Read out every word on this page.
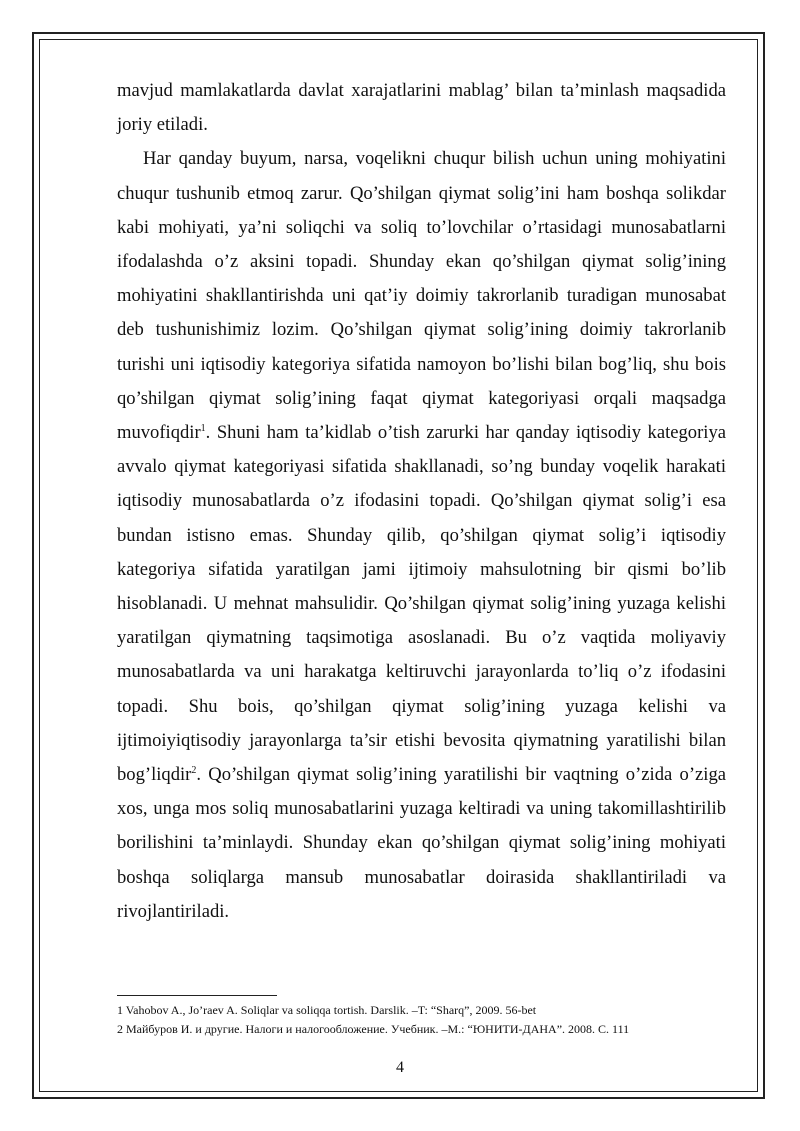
mavjud mamlakatlarda davlat xarajatlarini mablag’ bilan ta’minlash maqsadida joriy etiladi.

Har qanday buyum, narsa, voqelikni chuqur bilish uchun uning mohiyatini chuqur tushunib etmoq zarur. Qo’shilgan qiymat solig’ini ham boshqa solikdar kabi mohiyati, ya’ni soliqchi va soliq to’lovchilar o’rtasidagi munosabatlarni ifodalashda o’z aksini topadi. Shunday ekan qo’shilgan qiymat solig’ining mohiyatini shakllantirishda uni qat’iy doimiy takrorlanib turadigan munosabat deb tushunishimiz lozim. Qo’shilgan qiymat solig’ining doimiy takrorlanib turishi uni iqtisodiy kategoriya sifatida namoyon bo’lishi bilan bog’liq, shu bois qo’shilgan qiymat solig’ining faqat qiymat kategoriyasi orqali maqsadga muvofiqdir$^1$. Shuni ham ta’kidlab o’tish zarurki har qanday iqtisodiy kategoriya avvalo qiymat kategoriyasi sifatida shakllanadi, so’ng bunday voqelik harakati iqtisodiy munosabatlarda o’z ifodasini topadi. Qo’shilgan qiymat solig’i esa bundan istisno emas. Shunday qilib, qo’shilgan qiymat solig’i iqtisodiy kategoriya sifatida yaratilgan jami ijtimoiy mahsulotning bir qismi bo’lib hisoblanadi. U mehnat mahsulidir. Qo’shilgan qiymat solig’ining yuzaga kelishi yaratilgan qiymatning taqsimotiga asoslanadi. Bu o’z vaqtida moliyaviy munosabatlarda va uni harakatga keltiruvchi jarayonlarda to’liq o’z ifodasini topadi. Shu bois, qo’shilgan qiymat solig’ining yuzaga kelishi va ijtimoiyiqtisodiy jarayonlarga ta’sir etishi bevosita qiymatning yaratilishi bilan bog’liqdir$^2$. Qo’shilgan qiymat solig’ining yaratilishi bir vaqtning o’zida o’ziga xos, unga mos soliq munosabatlarini yuzaga keltiradi va uning takomillashtirilib borilishini ta’minlaydi. Shunday ekan qo’shilgan qiymat solig’ining mohiyati boshqa soliqlarga mansub munosabatlar doirasida shakllantiriladi va rivojlantiriladi.

1 Vahobov A., Jo’raev A. Soliqlar va soliqqa tortish. Darslik. –T: “Sharq”, 2009. 56-bet
2 Майбуров И. и другие. Налоги и налогообложение. Учебник. –М.: “ЮНИТИ-ДАНА”. 2008. С. 111
4
